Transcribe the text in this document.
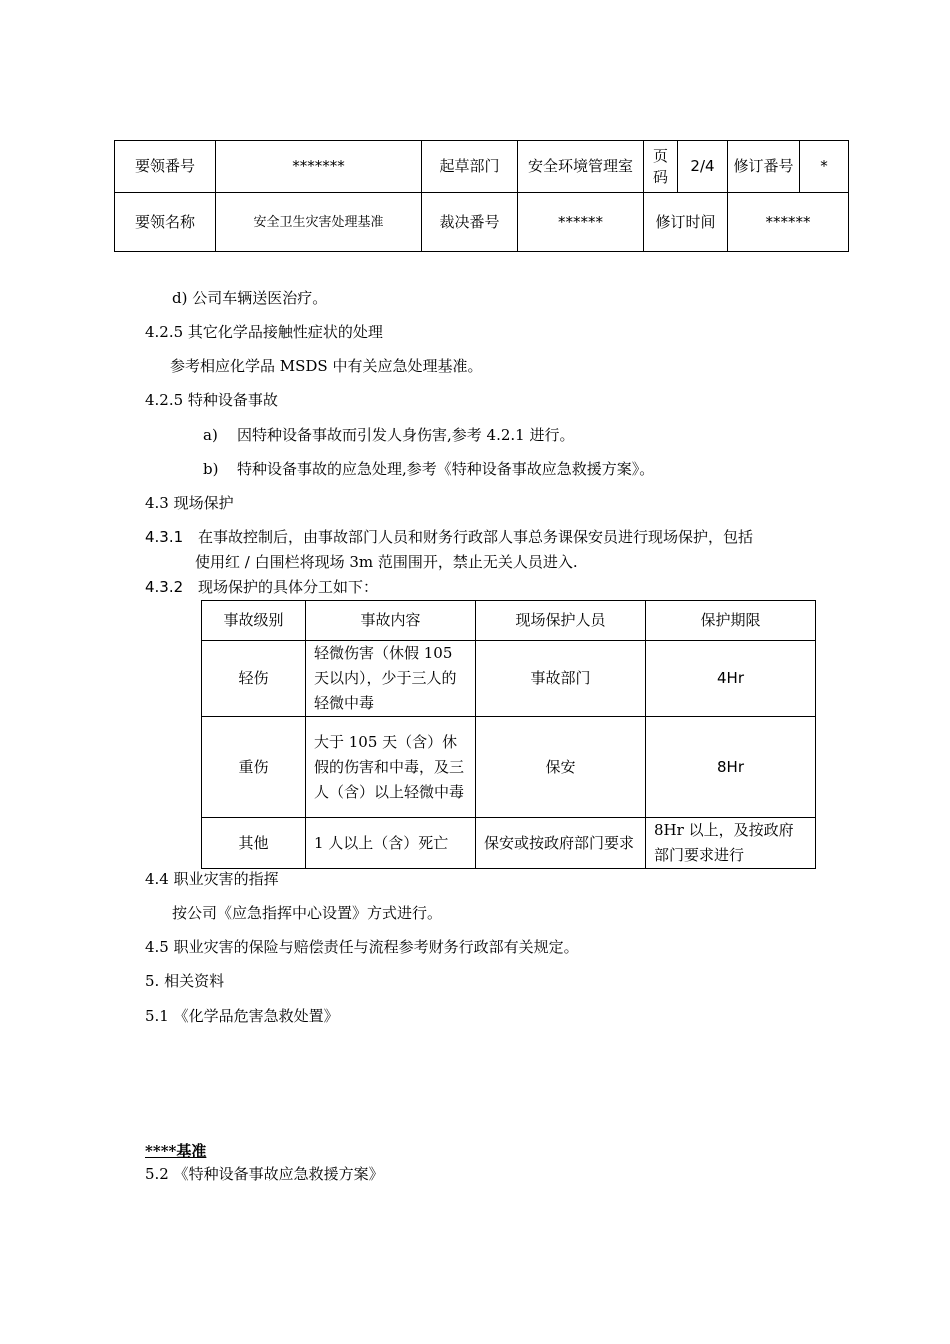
要领番号	*******	起草部门	安全环境管理室	页码	2/4	修订番号	*
要领名称	安全卫生灾害处理基准	裁决番号	******	修订时间		******	
d) 公司车辆送医治疗。
4.2.5 其它化学品接触性症状的处理
参考相应化学品 MSDS 中有关应急处理基准。
4.2.5 特种设备事故
a) 因特种设备事故而引发人身伤害,参考 4.2.1 进行。
b) 特种设备事故的应急处理,参考《特种设备事故应急救援方案》。
4.3 现场保护
4.3.1 在事故控制后，由事故部门人员和财务行政部人事总务课保安员进行现场保护，包括
使用红 / 白围栏将现场 3m 范围围开，禁止无关人员进入.
4.3.2 现场保护的具体分工如下：
事故级别	事故内容	现场保护人员	保护期限
轻伤	轻微伤害（休假 105 天以内），少于三人的轻微中毒	事故部门	4Hr
重伤	大于 105 天（含）休假的伤害和中毒，及三人（含）以上轻微中毒	保安	8Hr
其他	1 人以上（含）死亡	保安或按政府部门要求	8Hr 以上，及按政府部门要求进行
4.4 职业灾害的指挥
按公司《应急指挥中心设置》方式进行。
4.5 职业灾害的保险与赔偿责任与流程参考财务行政部有关规定。
5. 相关资料
5.1 《化学品危害急救处置》
****基准
5.2 《特种设备事故应急救援方案》
